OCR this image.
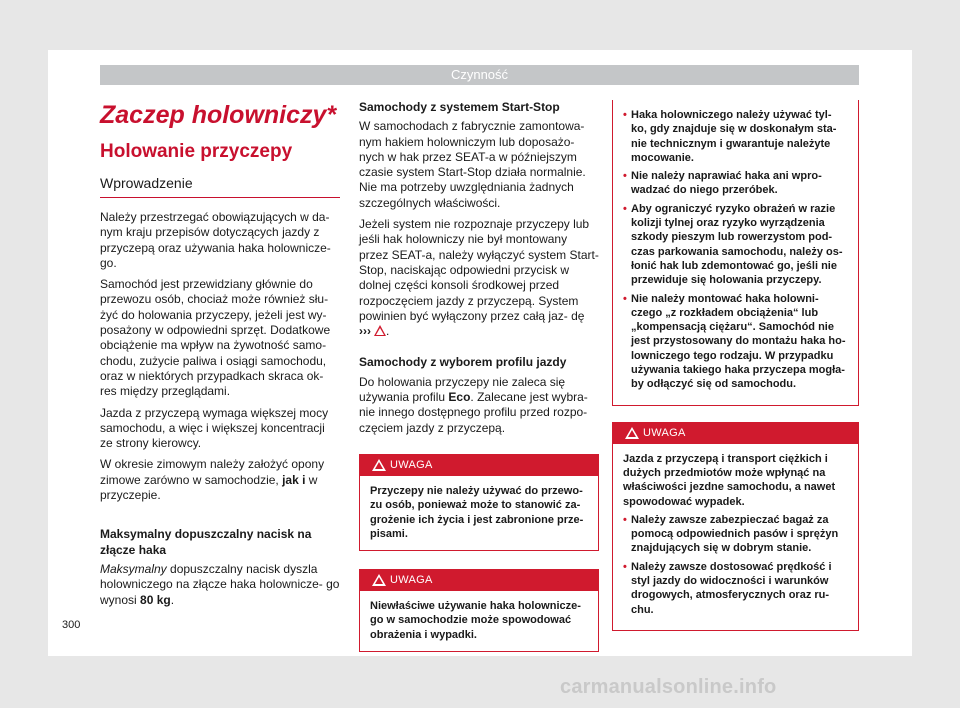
Czynność
Zaczep holowniczy*
Holowanie przyczepy
Wprowadzenie

Należy przestrzegać obowiązujących w da- nym kraju przepisów dotyczących jazdy z przyczepą oraz używania haka holownicze- go.

Samochód jest przewidziany głównie do przewozu osób, chociaż może również słu- żyć do holowania przyczepy, jeżeli jest wy- posażony w odpowiedni sprzęt. Dodatkowe obciążenie ma wpływ na żywotność samo- chodu, zużycie paliwa i osiągi samochodu, oraz w niektórych przypadkach skraca ok- res między przeglądami.

Jazda z przyczepą wymaga większej mocy samochodu, a więc i większej koncentracji ze strony kierowcy.

W okresie zimowym należy założyć opony zimowe zarówno w samochodzie, jak i w przyczepie.

Maksymalny dopuszczalny nacisk na złącze haka

Maksymalny dopuszczalny nacisk dyszla holowniczego na złącze haka holownicze- go wynosi 80 kg.

Samochody z systemem Start-Stop

W samochodach z fabrycznie zamontowa- nym hakiem holowniczym lub doposażo- nych w hak przez SEAT-a w późniejszym czasie system Start-Stop działa normalnie. Nie ma potrzeby uwzględniania żadnych szczególnych właściwości.

Jeżeli system nie rozpoznaje przyczepy lub jeśli hak holowniczy nie był montowany przez SEAT-a, należy wyłączyć system Start-Stop, naciskając odpowiedni przycisk w dolnej części konsoli środkowej przed rozpoczęciem jazdy z przyczepą. System powinien być wyłączony przez całą jaz- dę ››› .

Samochody z wyborem profilu jazdy

Do holowania przyczepy nie zaleca się używania profilu Eco. Zalecane jest wybra- nie innego dostępnego profilu przed rozpo- częciem jazdy z przyczepą.

UWAGA
Przyczepy nie należy używać do przewo- zu osób, ponieważ może to stanowić za- grożenie ich życia i jest zabronione prze- pisami.
UWAGA
Niewłaściwe używanie haka holownicze- go w samochodzie może spowodować obrażenia i wypadki.
• Haka holowniczego należy używać tyl- ko, gdy znajduje się w doskonałym sta- nie technicznym i gwarantuje należyte mocowanie.
• Nie należy naprawiać haka ani wpro- wadzać do niego przeróbek.
• Aby ograniczyć ryzyko obrażeń w razie kolizji tylnej oraz ryzyko wyrządzenia szkody pieszym lub rowerzystom pod- czas parkowania samochodu, należy os- łonić hak lub zdemontować go, jeśli nie przewiduje się holowania przyczepy.
• Nie należy montować haka holowni- czego „z rozkładem obciążenia“ lub „kompensacją ciężaru“. Samochód nie jest przystosowany do montażu haka ho- lowniczego tego rodzaju. W przypadku używania takiego haka przyczepa mogła- by odłączyć się od samochodu.
UWAGA

Jazda z przyczepą i transport ciężkich i dużych przedmiotów może wpłynąć na właściwości jezdne samochodu, a nawet spowodować wypadek.

• Należy zawsze zabezpieczać bagaż za pomocą odpowiednich pasów i sprężyn znajdujących się w dobrym stanie.
• Należy zawsze dostosować prędkość i styl jazdy do widoczności i warunków drogowych, atmosferycznych oraz ru- chu.
300
carmanualsonline.info
